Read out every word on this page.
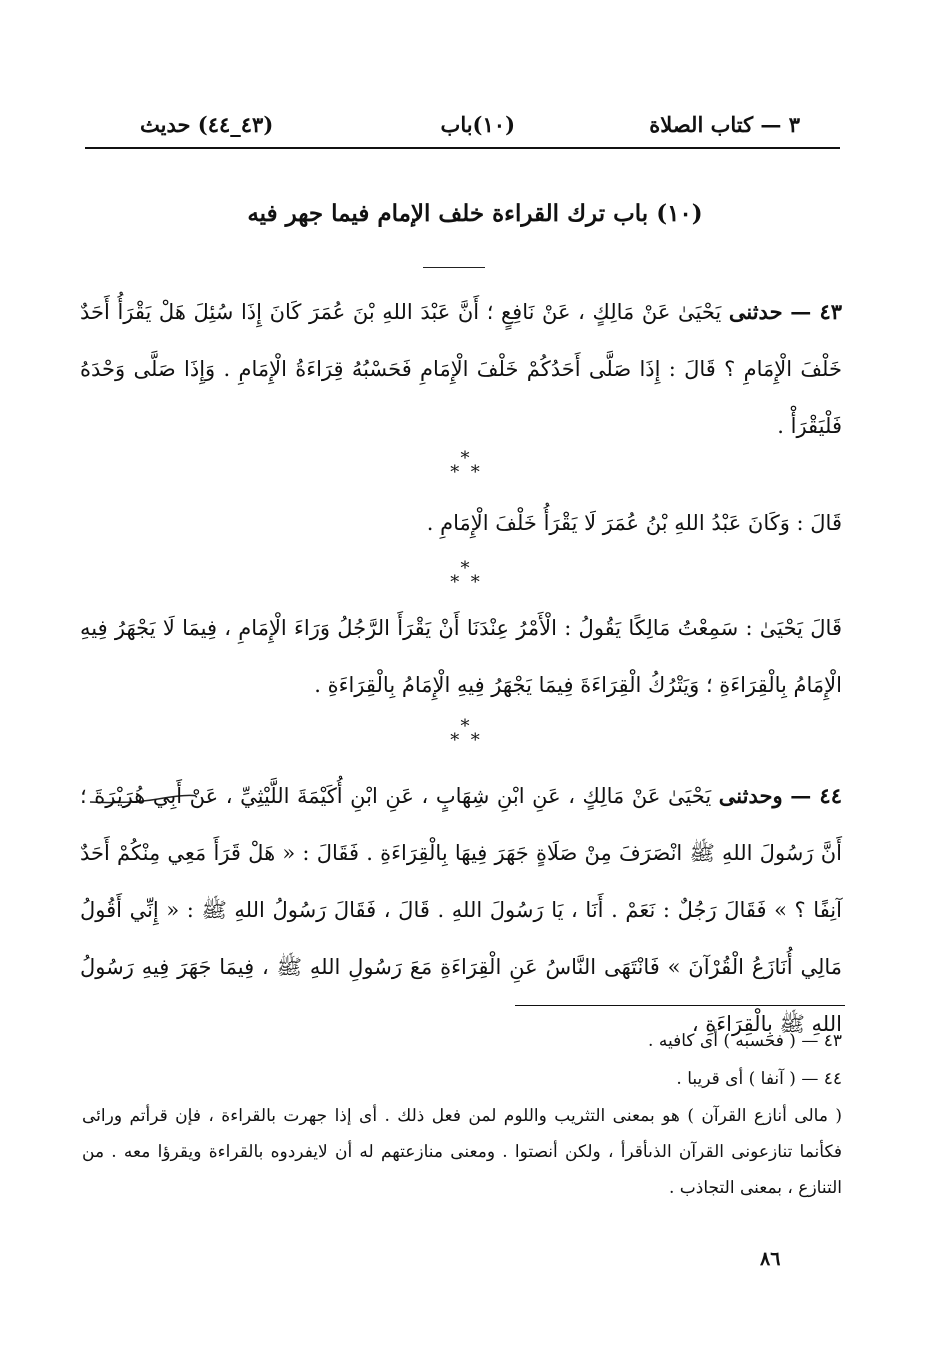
٣ — كتاب الصلاة
(١٠)باب
(٤٣_٤٤) حديث
(١٠) باب ترك القراءة خلف الإمام فيما جهر فيه

٤٣ — حدثنى يَحْيَىٰ عَنْ مَالِكٍ ، عَنْ نَافِعٍ ؛ أَنَّ عَبْدَ اللهِ بْنَ عُمَرَ كَانَ إِذَا سُئِلَ هَلْ يَقْرَأُ أَحَدٌ خَلْفَ الْإِمَامِ ؟ قَالَ : إِذَا صَلَّى أَحَدُكُمْ خَلْفَ الْإِمَامِ فَحَسْبُهُ قِرَاءَةُ الْإِمَامِ . وَإِذَا صَلَّى وَحْدَهُ فَلْيَقْرَأْ .

*
* *

قَالَ : وَكَانَ عَبْدُ اللهِ بْنُ عُمَرَ لَا يَقْرَأُ خَلْفَ الْإِمَامِ .

*
* *

قَالَ يَحْيَىٰ : سَمِعْتُ مَالِكًا يَقُولُ : الْأَمْرُ عِنْدَنَا أَنْ يَقْرَأَ الرَّجُلُ وَرَاءَ الْإِمَامِ ، فِيمَا لَا يَجْهَرُ فِيهِ الْإِمَامُ بِالْقِرَاءَةِ ؛ وَيَتْرُكُ الْقِرَاءَةَ فِيمَا يَجْهَرُ فِيهِ الْإِمَامُ بِالْقِرَاءَةِ .

*
* *

٤٤ — وحدثنى يَحْيَىٰ عَنْ مَالِكٍ ، عَنِ ابْنِ شِهَابٍ ، عَنِ ابْنِ أُكَيْمَةَ اللَّيْثِيِّ ، عَنْ أَبِي هُرَيْرَةَ ؛ أَنَّ رَسُولَ اللهِ ﷺ انْصَرَفَ مِنْ صَلَاةٍ جَهَرَ فِيهَا بِالْقِرَاءَةِ . فَقَالَ : « هَلْ قَرَأَ مَعِي مِنْكُمْ أَحَدٌ آنِفًا ؟ » فَقَالَ رَجُلٌ : نَعَمْ . أَنَا ، يَا رَسُولَ اللهِ . قَالَ ، فَقَالَ رَسُولُ اللهِ ﷺ : « إِنِّي أَقُولُ مَالِي أُنَازَعُ الْقُرْآنَ » فَانْتَهَى النَّاسُ عَنِ الْقِرَاءَةِ مَعَ رَسُولِ اللهِ ﷺ ، فِيمَا جَهَرَ فِيهِ رَسُولُ اللهِ ﷺ بِالْقِرَاءَةِ ،

٤٣ — ( فحسبه ) أى كافيه .

٤٤ — ( آنفا ) أى قريبا .

( مالى أنازع القرآن ) هو بمعنى التثريب واللوم لمن فعل ذلك . أى إذا جهرت بالقراءة ، فإن قرأتم ورائى فكأنما تنازعونى القرآن الذىأقرأ ، ولكن أنصتوا . ومعنى منازعتهم له أن لايفردوه بالقراءة ويقرؤا معه . من التنازع ، بمعنى التجاذب .

٨٦
